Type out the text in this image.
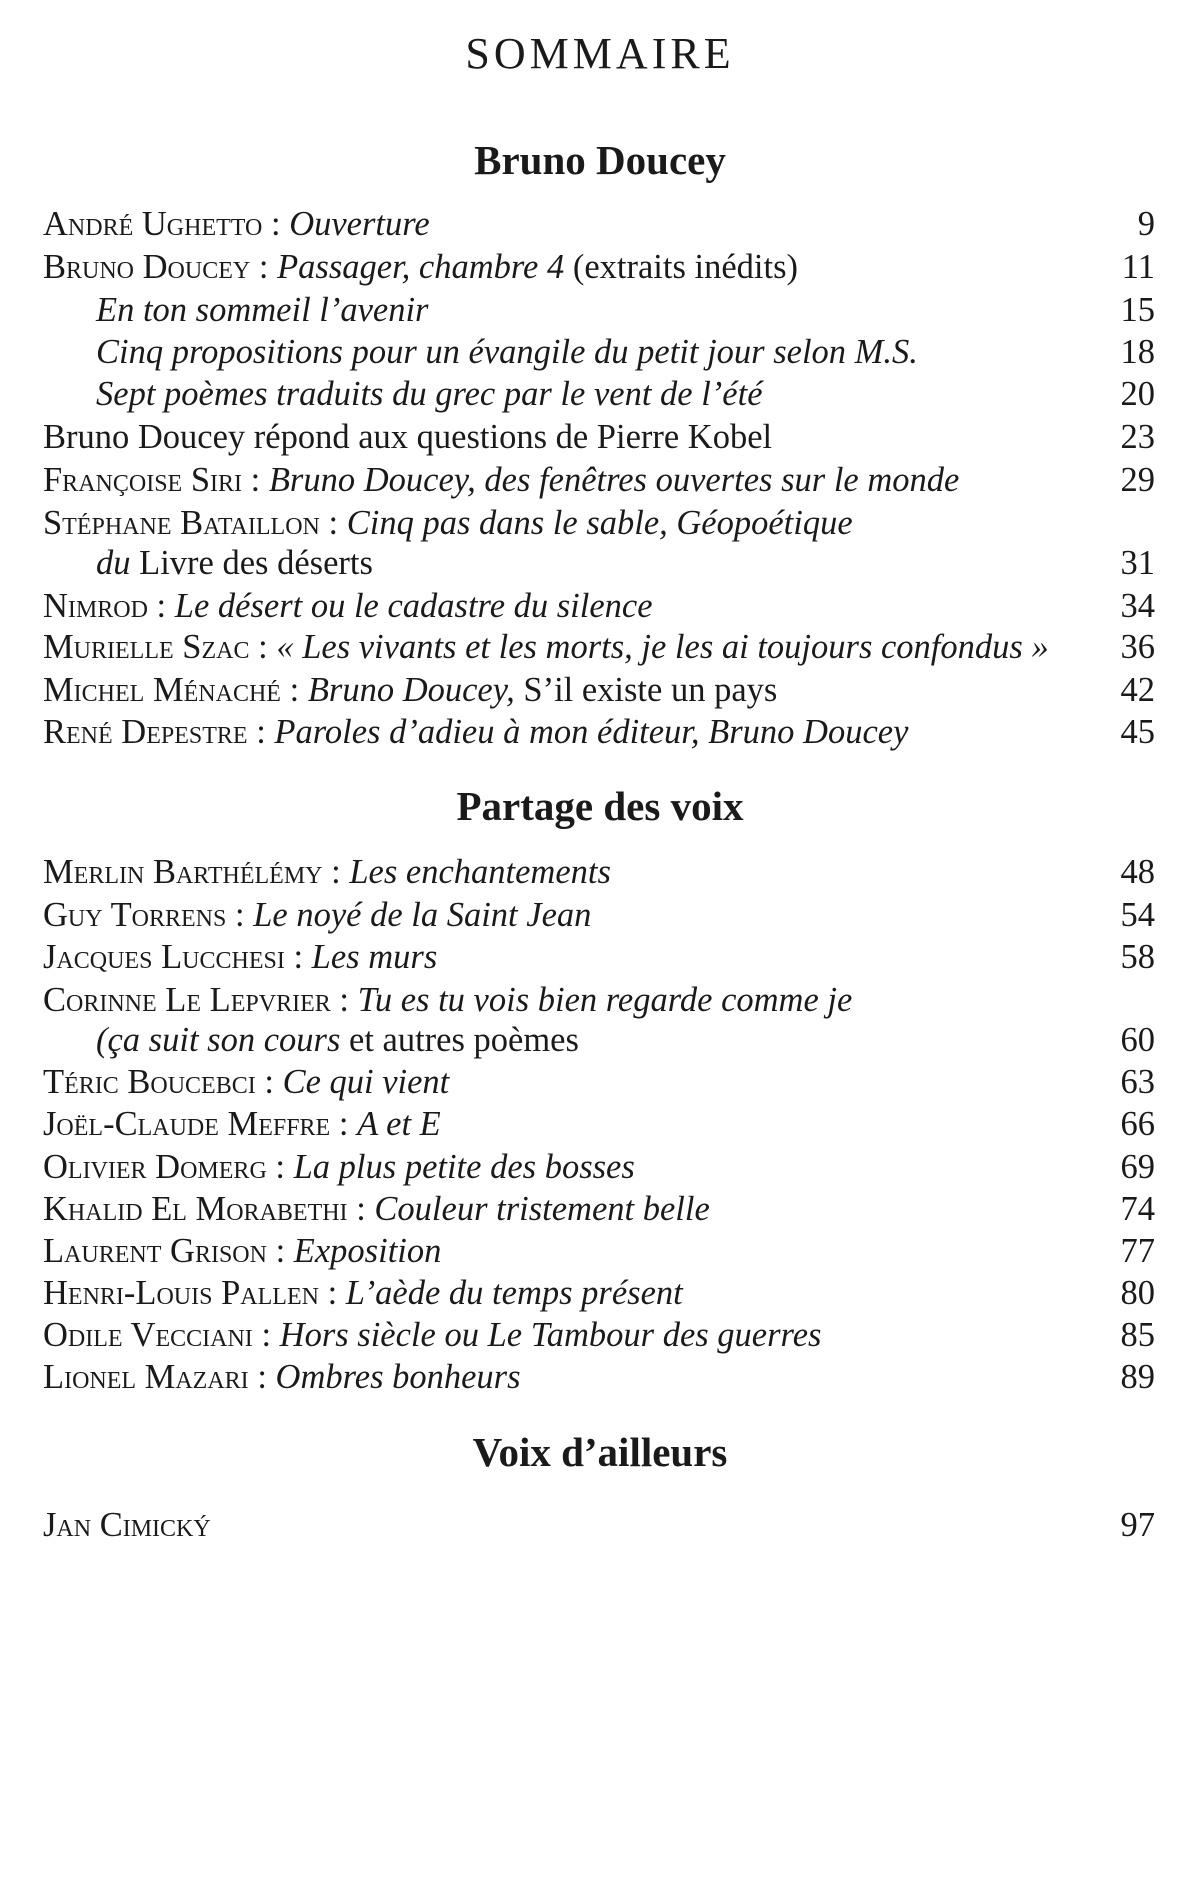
SOMMAIRE
Bruno Doucey
André Ughetto : Ouverture	9
Bruno Doucey : Passager, chambre 4 (extraits inédits)	11
En ton sommeil l’avenir	15
Cinq propositions pour un évangile du petit jour selon M.S.	18
Sept poèmes traduits du grec par le vent de l’été	20
Bruno Doucey répond aux questions de Pierre Kobel	23
Françoise Siri : Bruno Doucey, des fenêtres ouvertes sur le monde	29
Stéphane Bataillon : Cinq pas dans le sable, Géopoétique
du Livre des déserts	31
Nimrod : Le désert ou le cadastre du silence	34
Murielle Szac : « Les vivants et les morts, je les ai toujours confondus » 36
Michel Ménaché : Bruno Doucey, S’il existe un pays	42
René Depestre : Paroles d’adieu à mon éditeur, Bruno Doucey	45
Partage des voix
Merlin Barthélémy : Les enchantements	48
Guy Torrens : Le noyé de la Saint Jean	54
Jacques Lucchesi : Les murs	58
Corinne Le Lepvrier : Tu es tu vois bien regarde comme je
(ça suit son cours et autres poèmes	60
Téric Boucebci : Ce qui vient	63
Joël-Claude Meffre : A et E	66
Olivier Domerg : La plus petite des bosses	69
Khalid El Morabethi : Couleur tristement belle	74
Laurent Grison : Exposition	77
Henri-Louis Pallen : L’aède du temps présent	80
Odile Vecciani : Hors siècle ou Le Tambour des guerres	85
Lionel Mazari : Ombres bonheurs	89
Voix d’ailleurs
Jan Cimický	97
